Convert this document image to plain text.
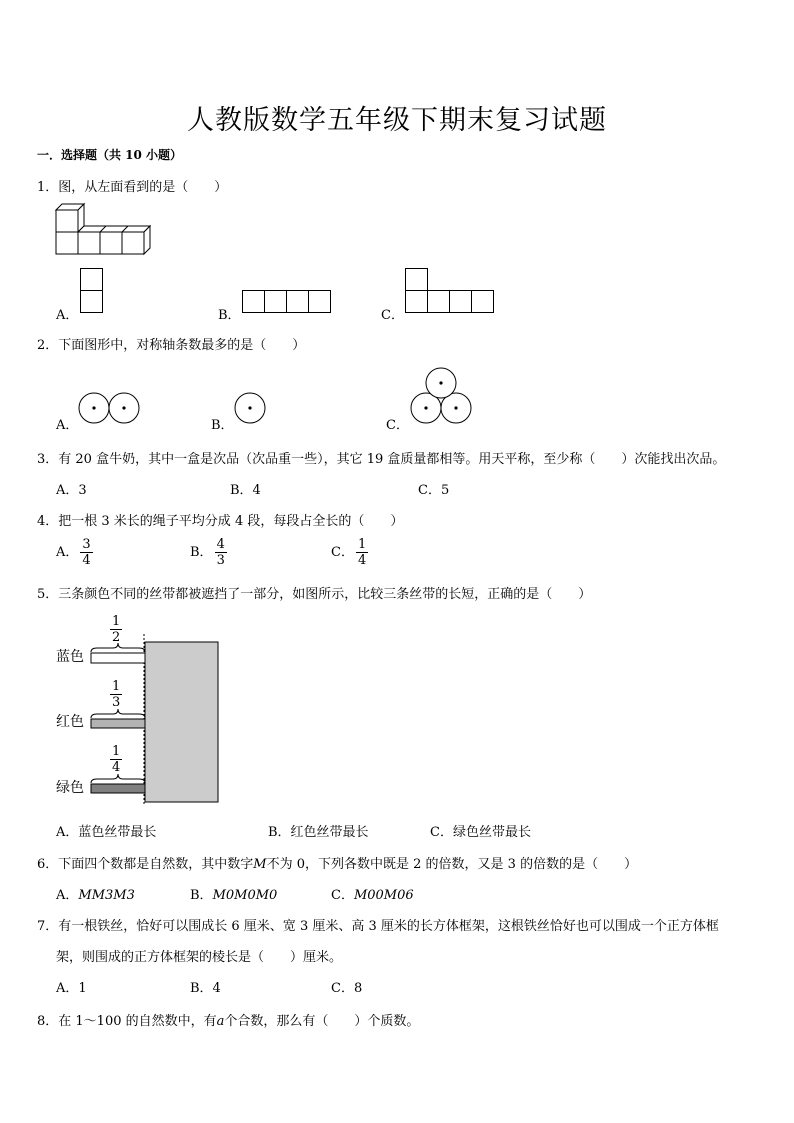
人教版数学五年级下期末复习试题
一．选择题（共 10 小题）
1．图，从左面看到的是（　　）
A．	B．	C．
2．下面图形中，对称轴条数最多的是（　　）
A．	B．	C．
3．有 20 盒牛奶，其中一盒是次品（次品重一些），其它 19 盒质量都相等。用天平称，至少称（　　）次能找出次品。
A．3	B．4	C．5
4．把一根 3 米长的绳子平均分成 4 段，每段占全长的（　　）
A． $\frac{3}{4}$	B． $\frac{4}{3}$	C． $\frac{1}{4}$
5．三条颜色不同的丝带都被遮挡了一部分，如图所示，比较三条丝带的长短，正确的是（　　）
蓝色
红色
绿色
$\frac{1}{2}$
$\frac{1}{3}$
$\frac{1}{4}$
A．蓝色丝带最长	B．红色丝带最长	C．绿色丝带最长
6．下面四个数都是自然数，其中数字M不为 0，下列各数中既是 2 的倍数，又是 3 的倍数的是（　　）
A．MM3M3	B．M0M0M0	C．M00M06
7．有一根铁丝，恰好可以围成长 6 厘米、宽 3 厘米、高 3 厘米的长方体框架，这根铁丝恰好也可以围成一个正方体框
架，则围成的正方体框架的棱长是（　　）厘米。
A．1	B．4	C．8
8．在 1～100 的自然数中，有a个合数，那么有（　　）个质数。
